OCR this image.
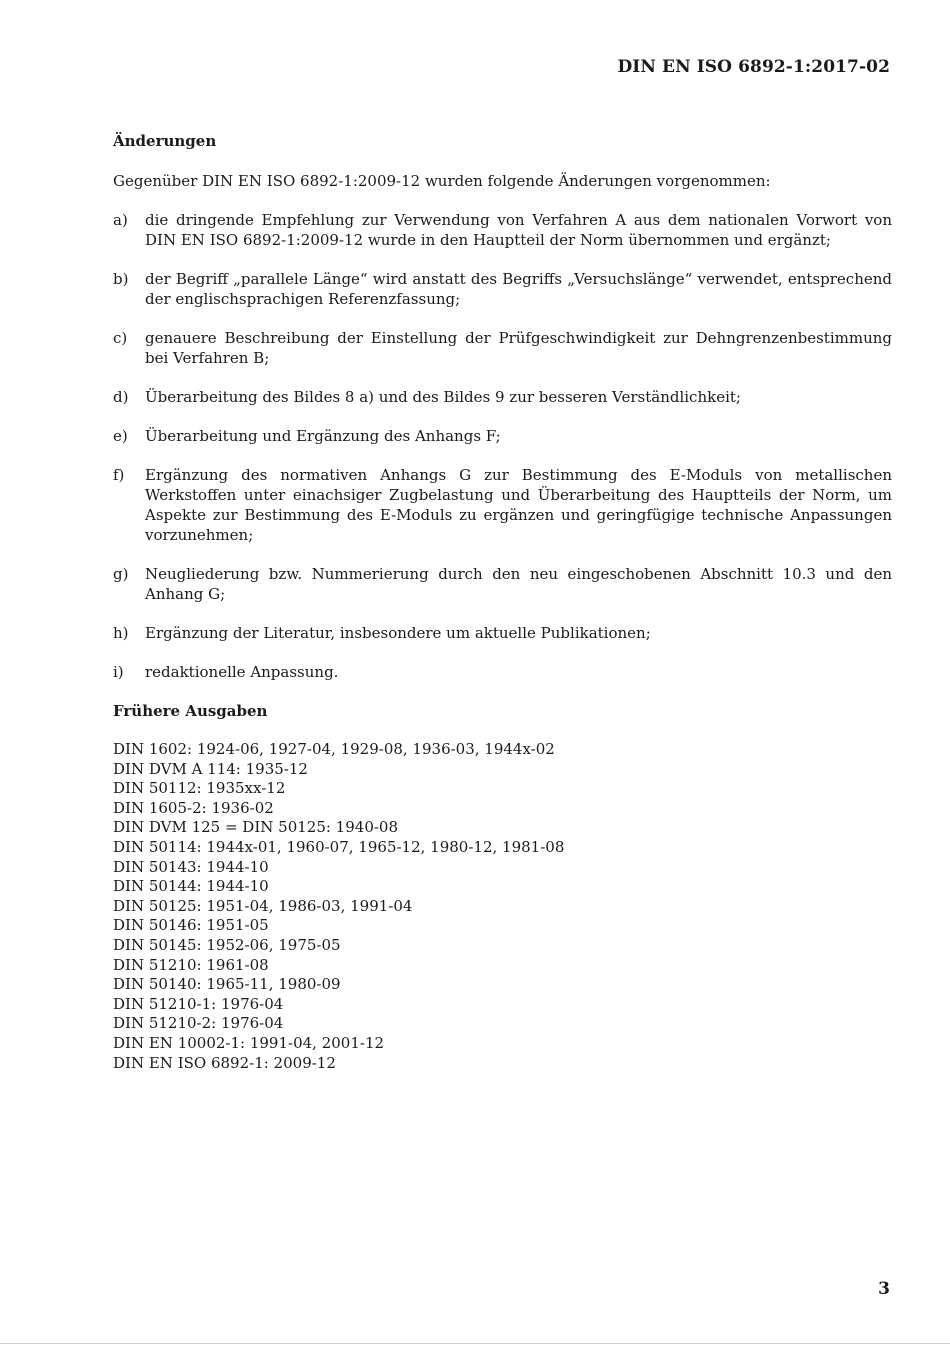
DIN EN ISO 6892-1:2017-02
Änderungen

Gegenüber DIN EN ISO 6892-1:2009-12 wurden folgende Änderungen vorgenommen:

a) die dringende Empfehlung zur Verwendung von Verfahren A aus dem nationalen Vorwort von DIN EN ISO 6892-1:2009-12 wurde in den Hauptteil der Norm übernommen und ergänzt;

b) der Begriff „parallele Länge“ wird anstatt des Begriffs „Versuchslänge“ verwendet, entsprechend der englischsprachigen Referenzfassung;

c) genauere Beschreibung der Einstellung der Prüfgeschwindigkeit zur Dehngrenzenbestimmung bei Verfahren B;

d) Überarbeitung des Bildes 8 a) und des Bildes 9 zur besseren Verständlichkeit;

e) Überarbeitung und Ergänzung des Anhangs F;

f) Ergänzung des normativen Anhangs G zur Bestimmung des E-Moduls von metallischen Werkstoffen unter einachsiger Zugbelastung und Überarbeitung des Hauptteils der Norm, um Aspekte zur Bestimmung des E-Moduls zu ergänzen und geringfügige technische Anpassungen vorzunehmen;

g) Neugliederung bzw. Nummerierung durch den neu eingeschobenen Abschnitt 10.3 und den Anhang G;

h) Ergänzung der Literatur, insbesondere um aktuelle Publikationen;

i) redaktionelle Anpassung.

Frühere Ausgaben
DIN 1602: 1924-06, 1927-04, 1929-08, 1936-03, 1944x-02
DIN DVM A 114: 1935-12
DIN 50112: 1935xx-12
DIN 1605-2: 1936-02
DIN DVM 125 = DIN 50125: 1940-08
DIN 50114: 1944x-01, 1960-07, 1965-12, 1980-12, 1981-08
DIN 50143: 1944-10
DIN 50144: 1944-10
DIN 50125: 1951-04, 1986-03, 1991-04
DIN 50146: 1951-05
DIN 50145: 1952-06, 1975-05
DIN 51210: 1961-08
DIN 50140: 1965-11, 1980-09
DIN 51210-1: 1976-04
DIN 51210-2: 1976-04
DIN EN 10002-1: 1991-04, 2001-12
DIN EN ISO 6892-1: 2009-12
3
